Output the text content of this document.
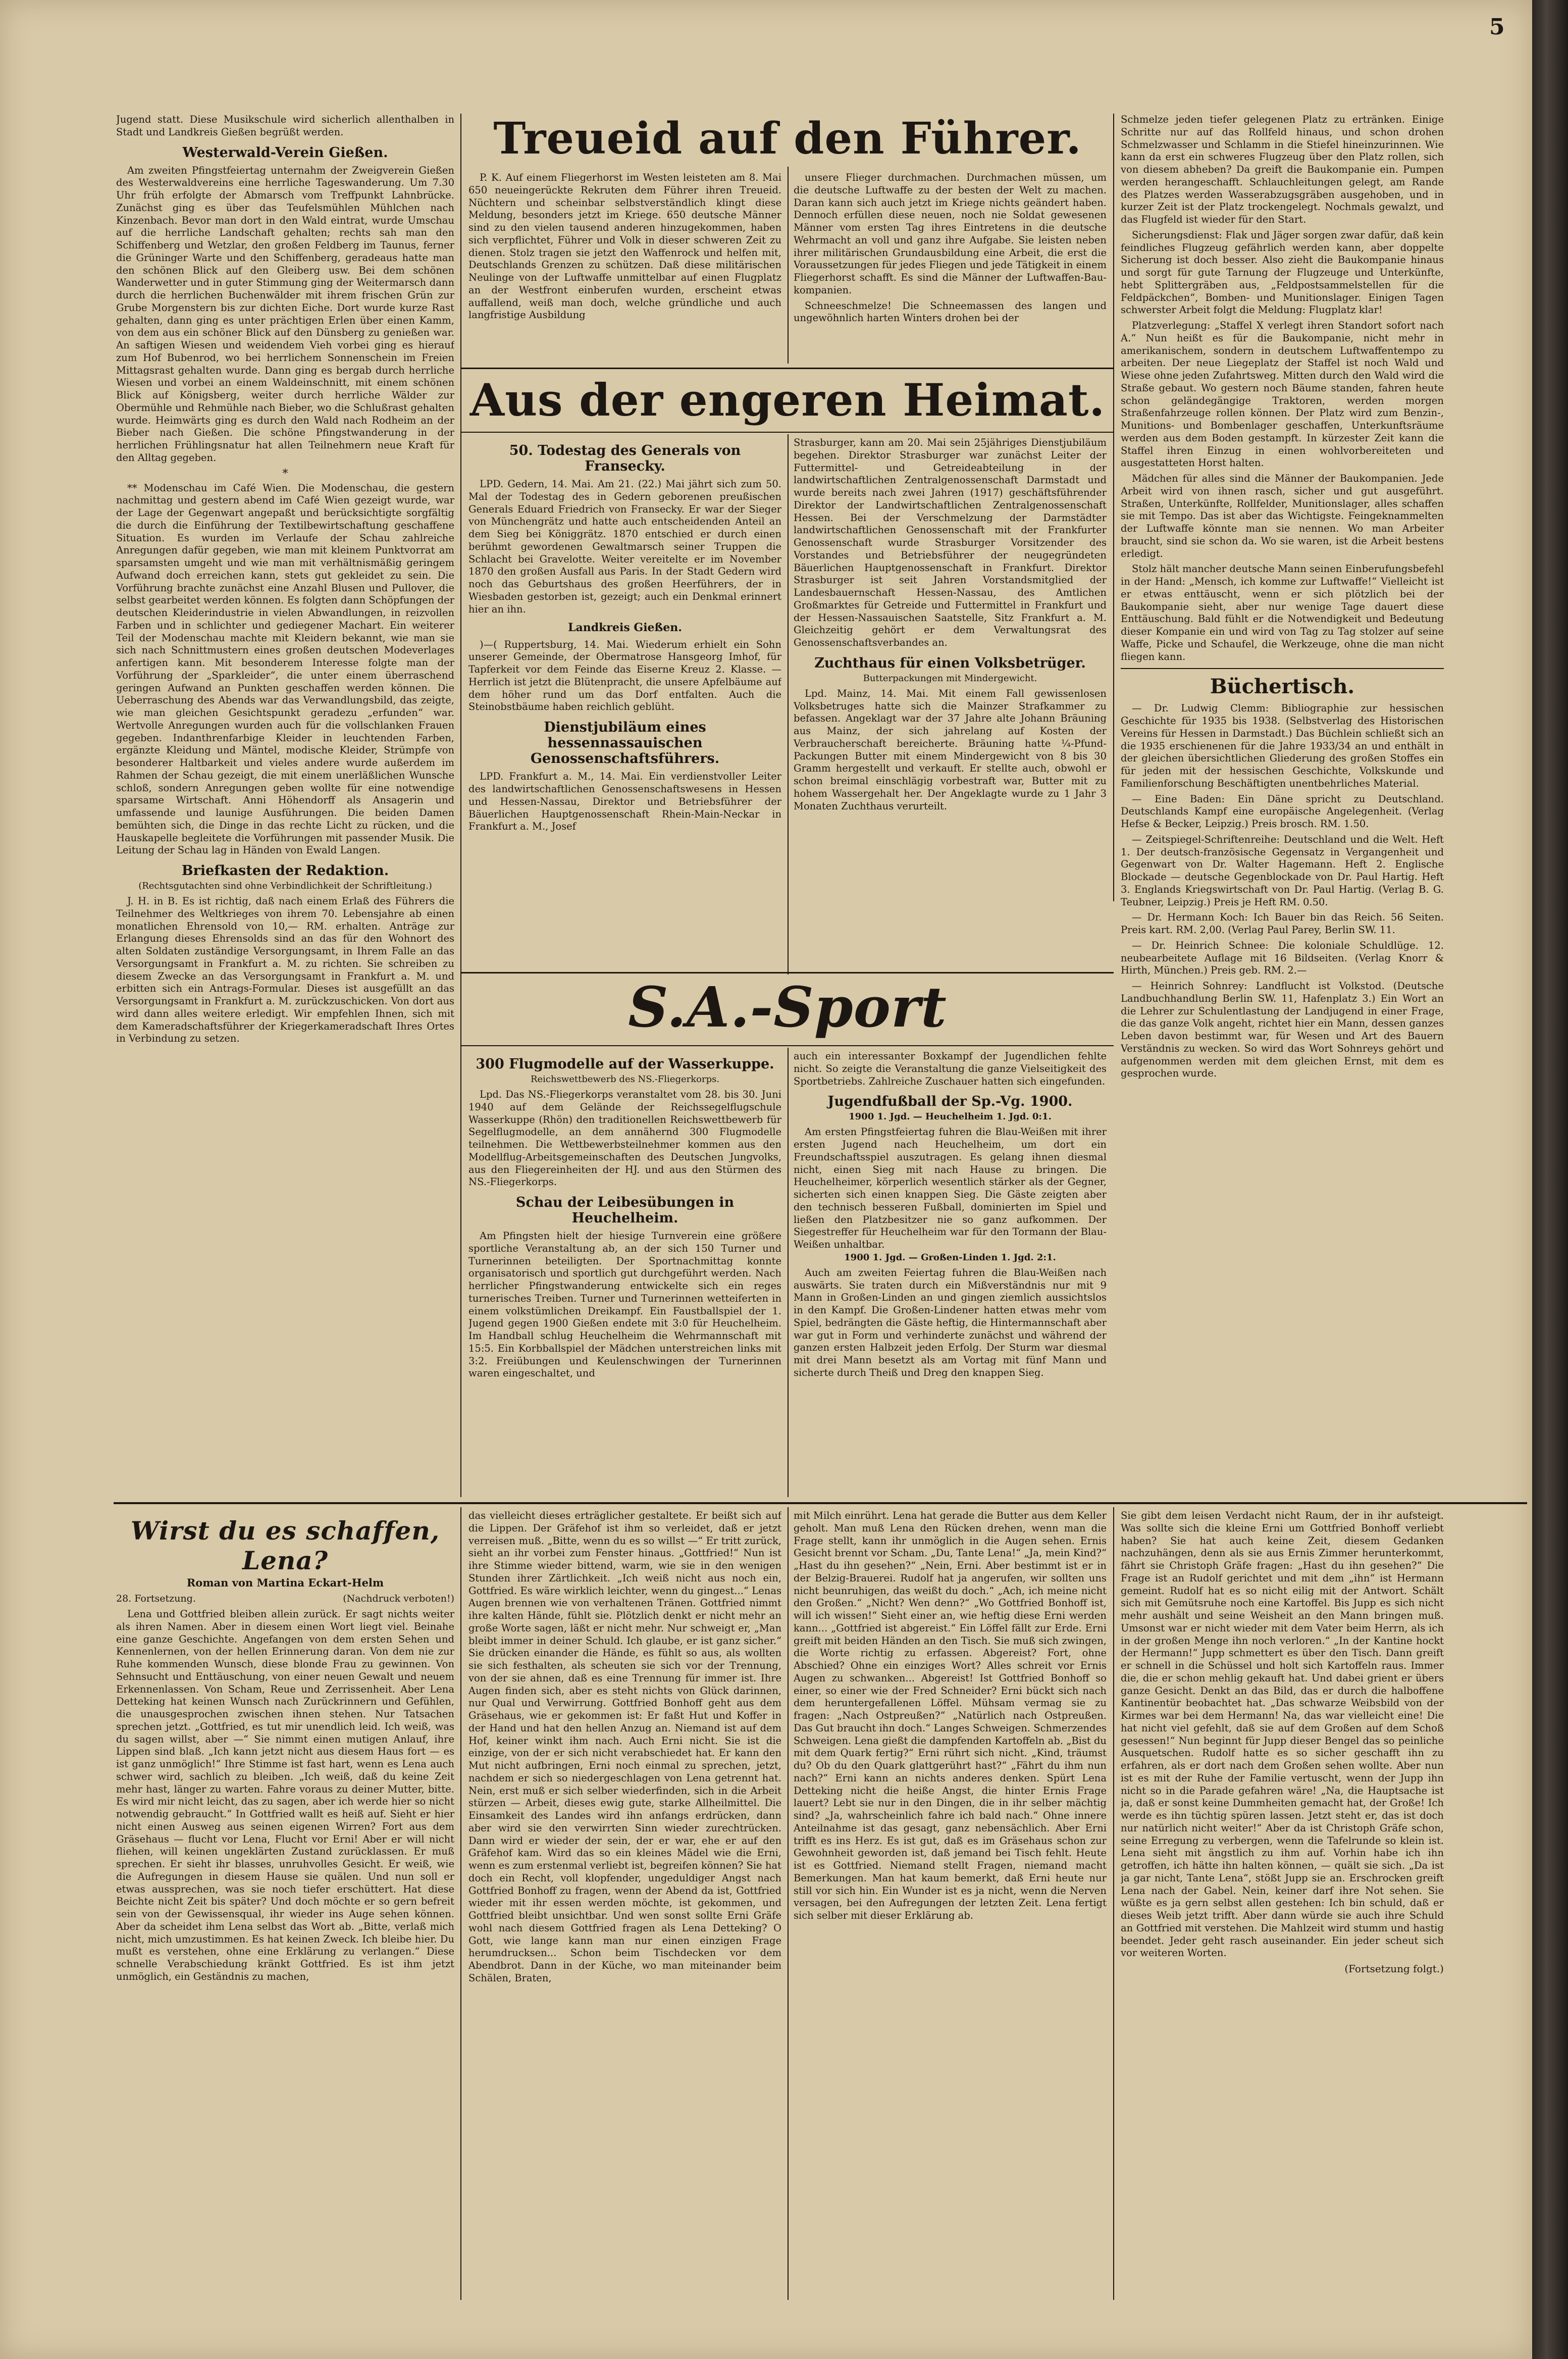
5

Jugend statt. Diese Musikschule wird sicherlich allenthalben in Stadt und Landkreis Gießen begrüßt werden.

Westerwald-Verein Gießen.

Am zweiten Pfingstfeiertag unternahm der Zweigverein Gießen des Westerwaldvereins eine herrliche Tageswanderung. Um 7.30 Uhr früh erfolgte der Abmarsch vom Treffpunkt Lahnbrücke. Zunächst ging es über das Teufelsmühlen Mühlchen nach Kinzenbach. Bevor man dort in den Wald eintrat, wurde Umschau auf die herrliche Landschaft gehalten; rechts sah man den Schiffenberg und Wetzlar, den großen Feldberg im Taunus, ferner die Grüninger Warte und den Schiffenberg, geradeaus hatte man den schönen Blick auf den Gleiberg usw. Bei dem schönen Wanderwetter und in guter Stimmung ging der Weitermarsch dann durch die herrlichen Buchenwälder mit ihrem frischen Grün zur Grube Morgenstern bis zur dichten Eiche. Dort wurde kurze Rast gehalten, dann ging es unter prächtigen Erlen über einen Kamm, von dem aus ein schöner Blick auf den Dünsberg zu genießen war. An saftigen Wiesen und weidendem Vieh vorbei ging es hierauf zum Hof Bubenrod, wo bei herrlichem Sonnenschein im Freien Mittagsrast gehalten wurde. Dann ging es bergab durch herrliche Wiesen und vorbei an einem Waldeinschnitt, mit einem schönen Blick auf Königsberg, weiter durch herrliche Wälder zur Obermühle und Rehmühle nach Bieber, wo die Schlußrast gehalten wurde. Heimwärts ging es durch den Wald nach Rodheim an der Bieber nach Gießen. Die schöne Pfingstwanderung in der herrlichen Frühlingsnatur hat allen Teilnehmern neue Kraft für den Alltag gegeben.

*

** Modenschau im Café Wien. Die Modenschau, die gestern nachmittag und gestern abend im Café Wien gezeigt wurde, war der Lage der Gegenwart angepaßt und berücksichtigte sorgfältig die durch die Einführung der Textilbewirtschaftung geschaffene Situation. Es wurden im Verlaufe der Schau zahlreiche Anregungen dafür gegeben, wie man mit kleinem Punktvorrat am sparsamsten umgeht und wie man mit verhältnismäßig geringem Aufwand doch erreichen kann, stets gut gekleidet zu sein. Die Vorführung brachte zunächst eine Anzahl Blusen und Pullover, die selbst gearbeitet werden können. Es folgten dann Schöpfungen der deutschen Kleiderindustrie in vielen Abwandlungen, in reizvollen Farben und in schlichter und gediegener Machart. Ein weiterer Teil der Modenschau machte mit Kleidern bekannt, wie man sie sich nach Schnittmustern eines großen deutschen Modeverlages anfertigen kann. Mit besonderem Interesse folgte man der Vorführung der „Sparkleider“, die unter einem überraschend geringen Aufwand an Punkten geschaffen werden können. Die Ueberraschung des Abends war das Verwandlungsbild, das zeigte, wie man gleichen Gesichtspunkt geradezu „erfunden“ war. Wertvolle Anregungen wurden auch für die vollschlanken Frauen gegeben. Indanthrenfarbige Kleider in leuchtenden Farben, ergänzte Kleidung und Mäntel, modische Kleider, Strümpfe von besonderer Haltbarkeit und vieles andere wurde außerdem im Rahmen der Schau gezeigt, die mit einem unerläßlichen Wunsche schloß, sondern Anregungen geben wollte für eine notwendige sparsame Wirtschaft. Anni Höhendorff als Ansagerin und umfassende und launige Ausführungen. Die beiden Damen bemühten sich, die Dinge in das rechte Licht zu rücken, und die Hauskapelle begleitete die Vorführungen mit passender Musik. Die Leitung der Schau lag in Händen von Ewald Langen.

Briefkasten der Redaktion.
(Rechtsgutachten sind ohne Verbindlichkeit der Schriftleitung.)

J. H. in B. Es ist richtig, daß nach einem Erlaß des Führers die Teilnehmer des Weltkrieges von ihrem 70. Lebensjahre ab einen monatlichen Ehrensold von 10,— RM. erhalten. Anträge zur Erlangung dieses Ehrensolds sind an das für den Wohnort des alten Soldaten zuständige Versorgungsamt, in Ihrem Falle an das Versorgungsamt in Frankfurt a. M. zu richten. Sie schreiben zu diesem Zwecke an das Versorgungsamt in Frankfurt a. M. und erbitten sich ein Antrags-Formular. Dieses ist ausgefüllt an das Versorgungsamt in Frankfurt a. M. zurückzuschicken. Von dort aus wird dann alles weitere erledigt. Wir empfehlen Ihnen, sich mit dem Kameradschaftsführer der Kriegerkameradschaft Ihres Ortes in Verbindung zu setzen.

Treueid auf den Führer.

P. K. Auf einem Fliegerhorst im Westen leisteten am 8. Mai 650 neueingerückte Rekruten dem Führer ihren Treueid. Nüchtern und scheinbar selbstverständlich klingt diese Meldung, besonders jetzt im Kriege. 650 deutsche Männer sind zu den vielen tausend anderen hinzugekommen, haben sich verpflichtet, Führer und Volk in dieser schweren Zeit zu dienen. Stolz tragen sie jetzt den Waffenrock und helfen mit, Deutschlands Grenzen zu schützen. Daß diese militärischen Neulinge von der Luftwaffe unmittelbar auf einen Flugplatz an der Westfront einberufen wurden, erscheint etwas auffallend, weiß man doch, welche gründliche und auch langfristige Ausbildung

unsere Flieger durchmachen. Durchmachen müssen, um die deutsche Luftwaffe zu der besten der Welt zu machen. Daran kann sich auch jetzt im Kriege nichts geändert haben. Dennoch erfüllen diese neuen, noch nie Soldat gewesenen Männer vom ersten Tag ihres Eintretens in die deutsche Wehrmacht an voll und ganz ihre Aufgabe. Sie leisten neben ihrer militärischen Grundausbildung eine Arbeit, die erst die Voraussetzungen für jedes Fliegen und jede Tätigkeit in einem Fliegerhorst schafft. Es sind die Männer der Luftwaffen-Bau-kompanien.

Schneeschmelze! Die Schneemassen des langen und ungewöhnlich harten Winters drohen bei der

Aus der engeren Heimat.
50. Todestag des Generals von Fransecky.

LPD. Gedern, 14. Mai. Am 21. (22.) Mai jährt sich zum 50. Mal der Todestag des in Gedern geborenen preußischen Generals Eduard Friedrich von Fransecky. Er war der Sieger von Münchengrätz und hatte auch entscheidenden Anteil an dem Sieg bei Königgrätz. 1870 entschied er durch einen berühmt gewordenen Gewaltmarsch seiner Truppen die Schlacht bei Gravelotte. Weiter vereitelte er im November 1870 den großen Ausfall aus Paris. In der Stadt Gedern wird noch das Geburtshaus des großen Heerführers, der in Wiesbaden gestorben ist, gezeigt; auch ein Denkmal erinnert hier an ihn.

Landkreis Gießen.

)—( Ruppertsburg, 14. Mai. Wiederum erhielt ein Sohn unserer Gemeinde, der Obermatrose Hansgeorg Imhof, für Tapferkeit vor dem Feinde das Eiserne Kreuz 2. Klasse. — Herrlich ist jetzt die Blütenpracht, die unsere Apfelbäume auf dem höher rund um das Dorf entfalten. Auch die Steinobstbäume haben reichlich geblüht.

Dienstjubiläum eines hessennassauischen Genossenschaftsführers.

LPD. Frankfurt a. M., 14. Mai. Ein verdienstvoller Leiter des landwirtschaftlichen Genossenschaftswesens in Hessen und Hessen-Nassau, Direktor und Betriebsführer der Bäuerlichen Hauptgenossenschaft Rhein-Main-Neckar in Frankfurt a. M., Josef

Strasburger, kann am 20. Mai sein 25jähriges Dienstjubiläum begehen. Direktor Strasburger war zunächst Leiter der Futtermittel- und Getreideabteilung in der landwirtschaftlichen Zentralgenossenschaft Darmstadt und wurde bereits nach zwei Jahren (1917) geschäftsführender Direktor der Landwirtschaftlichen Zentralgenossenschaft Hessen. Bei der Verschmelzung der Darmstädter landwirtschaftlichen Genossenschaft mit der Frankfurter Genossenschaft wurde Strasburger Vorsitzender des Vorstandes und Betriebsführer der neugegründeten Bäuerlichen Hauptgenossenschaft in Frankfurt. Direktor Strasburger ist seit Jahren Vorstandsmitglied der Landesbauernschaft Hessen-Nassau, des Amtlichen Großmarktes für Getreide und Futtermittel in Frankfurt und der Hessen-Nassauischen Saatstelle, Sitz Frankfurt a. M. Gleichzeitig gehört er dem Verwaltungsrat des Genossenschaftsverbandes an.

Zuchthaus für einen Volksbetrüger.
Butterpackungen mit Mindergewicht.

Lpd. Mainz, 14. Mai. Mit einem Fall gewissenlosen Volksbetruges hatte sich die Mainzer Strafkammer zu befassen. Angeklagt war der 37 Jahre alte Johann Bräuning aus Mainz, der sich jahrelang auf Kosten der Verbraucherschaft bereicherte. Bräuning hatte ¼-Pfund-Packungen Butter mit einem Mindergewicht von 8 bis 30 Gramm hergestellt und verkauft. Er stellte auch, obwohl er schon breimal einschlägig vorbestraft war, Butter mit zu hohem Wassergehalt her. Der Angeklagte wurde zu 1 Jahr 3 Monaten Zuchthaus verurteilt.

S.A.-Sport
300 Flugmodelle auf der Wasserkuppe.
Reichswettbewerb des NS.-Fliegerkorps.

Lpd. Das NS.-Fliegerkorps veranstaltet vom 28. bis 30. Juni 1940 auf dem Gelände der Reichssegelflugschule Wasserkuppe (Rhön) den traditionellen Reichswettbewerb für Segelflugmodelle, an dem annähernd 300 Flugmodelle teilnehmen. Die Wettbewerbsteilnehmer kommen aus den Modellflug-Arbeitsgemeinschaften des Deutschen Jungvolks, aus den Fliegereinheiten der HJ. und aus den Stürmen des NS.-Fliegerkorps.

Schau der Leibesübungen in Heuchelheim.

Am Pfingsten hielt der hiesige Turnverein eine größere sportliche Veranstaltung ab, an der sich 150 Turner und Turnerinnen beteiligten. Der Sportnachmittag konnte organisatorisch und sportlich gut durchgeführt werden. Nach herrlicher Pfingstwanderung entwickelte sich ein reges turnerisches Treiben. Turner und Turnerinnen wetteiferten in einem volkstümlichen Dreikampf. Ein Faustballspiel der 1. Jugend gegen 1900 Gießen endete mit 3:0 für Heuchelheim. Im Handball schlug Heuchelheim die Wehrmannschaft mit 15:5. Ein Korbballspiel der Mädchen unterstreichen links mit 3:2. Freiübungen und Keulenschwingen der Turnerinnen waren eingeschaltet, und

auch ein interessanter Boxkampf der Jugendlichen fehlte nicht. So zeigte die Veranstaltung die ganze Vielseitigkeit des Sportbetriebs. Zahlreiche Zuschauer hatten sich eingefunden.

Jugendfußball der Sp.-Vg. 1900.
1900 1. Jgd. — Heuchelheim 1. Jgd. 0:1.

Am ersten Pfingstfeiertag fuhren die Blau-Weißen mit ihrer ersten Jugend nach Heuchelheim, um dort ein Freundschaftsspiel auszutragen. Es gelang ihnen diesmal nicht, einen Sieg mit nach Hause zu bringen. Die Heuchelheimer, körperlich wesentlich stärker als der Gegner, sicherten sich einen knappen Sieg. Die Gäste zeigten aber den technisch besseren Fußball, dominierten im Spiel und ließen den Platzbesitzer nie so ganz aufkommen. Der Siegestreffer für Heuchelheim war für den Tormann der Blau-Weißen unhaltbar.

1900 1. Jgd. — Großen-Linden 1. Jgd. 2:1.

Auch am zweiten Feiertag fuhren die Blau-Weißen nach auswärts. Sie traten durch ein Mißverständnis nur mit 9 Mann in Großen-Linden an und gingen ziemlich aussichtslos in den Kampf. Die Großen-Lindener hatten etwas mehr vom Spiel, bedrängten die Gäste heftig, die Hintermannschaft aber war gut in Form und verhinderte zunächst und während der ganzen ersten Halbzeit jeden Erfolg. Der Sturm war diesmal mit drei Mann besetzt als am Vortag mit fünf Mann und sicherte durch Theiß und Dreg den knappen Sieg.

Schmelze jeden tiefer gelegenen Platz zu ertränken. Einige Schritte nur auf das Rollfeld hinaus, und schon drohen Schmelzwasser und Schlamm in die Stiefel hineinzurinnen. Wie kann da erst ein schweres Flugzeug über den Platz rollen, sich von diesem abheben? Da greift die Baukompanie ein. Pumpen werden herangeschafft. Schlauchleitungen gelegt, am Rande des Platzes werden Wasserabzugsgräben ausgehoben, und in kurzer Zeit ist der Platz trockengelegt. Nochmals gewalzt, und das Flugfeld ist wieder für den Start.

Sicherungsdienst: Flak und Jäger sorgen zwar dafür, daß kein feindliches Flugzeug gefährlich werden kann, aber doppelte Sicherung ist doch besser. Also zieht die Baukompanie hinaus und sorgt für gute Tarnung der Flugzeuge und Unterkünfte, hebt Splittergräben aus, „Feldpostsammelstellen für die Feldpäckchen“, Bomben- und Munitionslager. Einigen Tagen schwerster Arbeit folgt die Meldung: Flugplatz klar!

Platzverlegung: „Staffel X verlegt ihren Standort sofort nach A.“ Nun heißt es für die Baukompanie, nicht mehr in amerikanischem, sondern in deutschem Luftwaffentempo zu arbeiten. Der neue Liegeplatz der Staffel ist noch Wald und Wiese ohne jeden Zufahrtsweg. Mitten durch den Wald wird die Straße gebaut. Wo gestern noch Bäume standen, fahren heute schon geländegängige Traktoren, werden morgen Straßenfahrzeuge rollen können. Der Platz wird zum Benzin-, Munitions- und Bombenlager geschaffen, Unterkunftsräume werden aus dem Boden gestampft. In kürzester Zeit kann die Staffel ihren Einzug in einen wohlvorbereiteten und ausgestatteten Horst halten.

Mädchen für alles sind die Männer der Baukompanien. Jede Arbeit wird von ihnen rasch, sicher und gut ausgeführt. Straßen, Unterkünfte, Rollfelder, Munitionslager, alles schaffen sie mit Tempo. Das ist aber das Wichtigste. Feingeknammelten der Luftwaffe könnte man sie nennen. Wo man Arbeiter braucht, sind sie schon da. Wo sie waren, ist die Arbeit bestens erledigt.

Stolz hält mancher deutsche Mann seinen Einberufungsbefehl in der Hand: „Mensch, ich komme zur Luftwaffe!“ Vielleicht ist er etwas enttäuscht, wenn er sich plötzlich bei der Baukompanie sieht, aber nur wenige Tage dauert diese Enttäuschung. Bald fühlt er die Notwendigkeit und Bedeutung dieser Kompanie ein und wird von Tag zu Tag stolzer auf seine Waffe, Picke und Schaufel, die Werkzeuge, ohne die man nicht fliegen kann.

Büchertisch.

— Dr. Ludwig Clemm: Bibliographie zur hessischen Geschichte für 1935 bis 1938. (Selbstverlag des Historischen Vereins für Hessen in Darmstadt.) Das Büchlein schließt sich an die 1935 erschienenen für die Jahre 1933/34 an und enthält in der gleichen übersichtlichen Gliederung des großen Stoffes ein für jeden mit der hessischen Geschichte, Volkskunde und Familienforschung Beschäftigten unentbehrliches Material.

— Eine Baden: Ein Däne spricht zu Deutschland. Deutschlands Kampf eine europäische Angelegenheit. (Verlag Hefse & Becker, Leipzig.) Preis brosch. RM. 1.50.

— Zeitspiegel-Schriftenreihe: Deutschland und die Welt. Heft 1. Der deutsch-französische Gegensatz in Vergangenheit und Gegenwart von Dr. Walter Hagemann. Heft 2. Englische Blockade — deutsche Gegenblockade von Dr. Paul Hartig. Heft 3. Englands Kriegswirtschaft von Dr. Paul Hartig. (Verlag B. G. Teubner, Leipzig.) Preis je Heft RM. 0.50.

— Dr. Hermann Koch: Ich Bauer bin das Reich. 56 Seiten. Preis kart. RM. 2,00. (Verlag Paul Parey, Berlin SW. 11.

— Dr. Heinrich Schnee: Die koloniale Schuldlüge. 12. neubearbeitete Auflage mit 16 Bildseiten. (Verlag Knorr & Hirth, München.) Preis geb. RM. 2.—

— Heinrich Sohnrey: Landflucht ist Volkstod. (Deutsche Landbuchhandlung Berlin SW. 11, Hafenplatz 3.) Ein Wort an die Lehrer zur Schulentlastung der Landjugend in einer Frage, die das ganze Volk angeht, richtet hier ein Mann, dessen ganzes Leben davon bestimmt war, für Wesen und Art des Bauern Verständnis zu wecken. So wird das Wort Sohnreys gehört und aufgenommen werden mit dem gleichen Ernst, mit dem es gesprochen wurde.

Wirst du es schaffen, Lena?
Roman von Martina Eckart-Helm
28. Fortsetzung.	(Nachdruck verboten!)

Lena und Gottfried bleiben allein zurück. Er sagt nichts weiter als ihren Namen. Aber in diesem einen Wort liegt viel. Beinahe eine ganze Geschichte. Angefangen von dem ersten Sehen und Kennenlernen, von der hellen Erinnerung daran. Von dem nie zur Ruhe kommenden Wunsch, diese blonde Frau zu gewinnen. Von Sehnsucht und Enttäuschung, von einer neuen Gewalt und neuem Erkennenlassen. Von Scham, Reue und Zerrissenheit. Aber Lena Detteking hat keinen Wunsch nach Zurückrinnern und Gefühlen, die unausgesprochen zwischen ihnen stehen. Nur Tatsachen sprechen jetzt. „Gottfried, es tut mir unendlich leid. Ich weiß, was du sagen willst, aber —“ Sie nimmt einen mutigen Anlauf, ihre Lippen sind blaß. „Ich kann jetzt nicht aus diesem Haus fort — es ist ganz unmöglich!“ Ihre Stimme ist fast hart, wenn es Lena auch schwer wird, sachlich zu bleiben. „Ich weiß, daß du keine Zeit mehr hast, länger zu warten. Fahre voraus zu deiner Mutter, bitte. Es wird mir nicht leicht, das zu sagen, aber ich werde hier so nicht notwendig gebraucht.“ In Gottfried wallt es heiß auf. Sieht er hier nicht einen Ausweg aus seinen eigenen Wirren? Fort aus dem Gräsehaus — flucht vor Lena, Flucht vor Erni! Aber er will nicht fliehen, will keinen ungeklärten Zustand zurücklassen. Er muß sprechen. Er sieht ihr blasses, unruhvolles Gesicht. Er weiß, wie die Aufregungen in diesem Hause sie quälen. Und nun soll er etwas aussprechen, was sie noch tiefer erschüttert. Hat diese Beichte nicht Zeit bis später? Und doch möchte er so gern befreit sein von der Gewissensqual, ihr wieder ins Auge sehen können. Aber da scheidet ihm Lena selbst das Wort ab. „Bitte, verlaß mich nicht, mich umzustimmen. Es hat keinen Zweck. Ich bleibe hier. Du mußt es verstehen, ohne eine Erklärung zu verlangen.“ Diese schnelle Verabschiedung kränkt Gottfried. Es ist ihm jetzt unmöglich, ein Geständnis zu machen,

das vielleicht dieses erträglicher gestaltete. Er beißt sich auf die Lippen. Der Gräfehof ist ihm so verleidet, daß er jetzt verreisen muß. „Bitte, wenn du es so willst —“ Er tritt zurück, sieht an ihr vorbei zum Fenster hinaus. „Gottfried!“ Nun ist ihre Stimme wieder bittend, warm, wie sie in den wenigen Stunden ihrer Zärtlichkeit. „Ich weiß nicht aus noch ein, Gottfried. Es wäre wirklich leichter, wenn du gingest...“ Lenas Augen brennen wie von verhaltenen Tränen. Gottfried nimmt ihre kalten Hände, fühlt sie. Plötzlich denkt er nicht mehr an große Worte sagen, läßt er nicht mehr. Nur schweigt er, „Man bleibt immer in deiner Schuld. Ich glaube, er ist ganz sicher.“ Sie drücken einander die Hände, es fühlt so aus, als wollten sie sich festhalten, als scheuten sie sich vor der Trennung, von der sie ahnen, daß es eine Trennung für immer ist. Ihre Augen finden sich, aber es steht nichts von Glück darinnen, nur Qual und Verwirrung. Gottfried Bonhoff geht aus dem Gräsehaus, wie er gekommen ist: Er faßt Hut und Koffer in der Hand und hat den hellen Anzug an. Niemand ist auf dem Hof, keiner winkt ihm nach. Auch Erni nicht. Sie ist die einzige, von der er sich nicht verabschiedet hat. Er kann den Mut nicht aufbringen, Erni noch einmal zu sprechen, jetzt, nachdem er sich so niedergeschlagen von Lena getrennt hat. Nein, erst muß er sich selber wiederfinden, sich in die Arbeit stürzen — Arbeit, dieses ewig gute, starke Allheilmittel. Die Einsamkeit des Landes wird ihn anfangs erdrücken, dann aber wird sie den verwirrten Sinn wieder zurechtrücken. Dann wird er wieder der sein, der er war, ehe er auf den Gräfehof kam. Wird das so ein kleines Mädel wie die Erni, wenn es zum erstenmal verliebt ist, begreifen können? Sie hat doch ein Recht, voll klopfender, ungeduldiger Angst nach Gottfried Bonhoff zu fragen, wenn der Abend da ist, Gottfried wieder mit ihr essen werden möchte, ist gekommen, und Gottfried bleibt unsichtbar. Und wen sonst sollte Erni Gräfe wohl nach diesem Gottfried fragen als Lena Detteking? O Gott, wie lange kann man nur einen einzigen Frage herumdrucksen... Schon beim Tischdecken vor dem Abendbrot. Dann in der Küche, wo man miteinander beim Schälen, Braten,

mit Milch einrührt. Lena hat gerade die Butter aus dem Keller geholt. Man muß Lena den Rücken drehen, wenn man die Frage stellt, kann ihr unmöglich in die Augen sehen. Ernis Gesicht brennt vor Scham. „Du, Tante Lena!“ „Ja, mein Kind?“ „Hast du ihn gesehen?“ „Nein, Erni. Aber bestimmt ist er in der Belzig-Brauerei. Rudolf hat ja angerufen, wir sollten uns nicht beunruhigen, das weißt du doch.“ „Ach, ich meine nicht den Großen.“ „Nicht? Wen denn?“ „Wo Gottfried Bonhoff ist, will ich wissen!“ Sieht einer an, wie heftig diese Erni werden kann... „Gottfried ist abgereist.“ Ein Löffel fällt zur Erde. Erni greift mit beiden Händen an den Tisch. Sie muß sich zwingen, die Worte richtig zu erfassen. Abgereist? Fort, ohne Abschied? Ohne ein einziges Wort? Alles schreit vor Ernis Augen zu schwanken... Abgereist! Ist Gottfried Bonhoff so einer, so einer wie der Fred Schneider? Erni bückt sich nach dem heruntergefallenen Löffel. Mühsam vermag sie zu fragen: „Nach Ostpreußen?“ „Natürlich nach Ostpreußen. Das Gut braucht ihn doch.“ Langes Schweigen. Schmerzendes Schweigen. Lena gießt die dampfenden Kartoffeln ab. „Bist du mit dem Quark fertig?“ Erni rührt sich nicht. „Kind, träumst du? Ob du den Quark glattgerührt hast?“ „Fährt du ihm nun nach?“ Erni kann an nichts anderes denken. Spürt Lena Detteking nicht die heiße Angst, die hinter Ernis Frage lauert? Lebt sie nur in den Dingen, die in ihr selber mächtig sind? „Ja, wahrscheinlich fahre ich bald nach.“ Ohne innere Anteilnahme ist das gesagt, ganz nebensächlich. Aber Erni trifft es ins Herz. Es ist gut, daß es im Gräsehaus schon zur Gewohnheit geworden ist, daß jemand bei Tisch fehlt. Heute ist es Gottfried. Niemand stellt Fragen, niemand macht Bemerkungen. Man hat kaum bemerkt, daß Erni heute nur still vor sich hin. Ein Wunder ist es ja nicht, wenn die Nerven versagen, bei den Aufregungen der letzten Zeit. Lena fertigt sich selber mit dieser Erklärung ab.

Sie gibt dem leisen Verdacht nicht Raum, der in ihr aufsteigt. Was sollte sich die kleine Erni um Gottfried Bonhoff verliebt haben? Sie hat auch keine Zeit, diesem Gedanken nachzuhängen, denn als sie aus Ernis Zimmer herunterkommt, fährt sie Christoph Gräfe fragen: „Hast du ihn gesehen?“ Die Frage ist an Rudolf gerichtet und mit dem „ihn“ ist Hermann gemeint. Rudolf hat es so nicht eilig mit der Antwort. Schält sich mit Gemütsruhe noch eine Kartoffel. Bis Jupp es sich nicht mehr aushält und seine Weisheit an den Mann bringen muß. Umsonst war er nicht wieder mit dem Vater beim Herrn, als ich in der großen Menge ihn noch verloren.“ „In der Kantine hockt der Hermann!“ Jupp schmettert es über den Tisch. Dann greift er schnell in die Schüssel und holt sich Kartoffeln raus. Immer die, die er schon mehlig gekauft hat. Und dabei grient er übers ganze Gesicht. Denkt an das Bild, das er durch die halboffene Kantinentür beobachtet hat. „Das schwarze Weibsbild von der Kirmes war bei dem Hermann! Na, das war vielleicht eine! Die hat nicht viel gefehlt, daß sie auf dem Großen auf dem Schoß gesessen!“ Nun beginnt für Jupp dieser Bengel das so peinliche Ausquetschen. Rudolf hatte es so sicher geschafft ihn zu erfahren, als er dort nach dem Großen sehen wollte. Aber nun ist es mit der Ruhe der Familie vertuscht, wenn der Jupp ihn nicht so in die Parade gefahren wäre! „Na, die Hauptsache ist ja, daß er sonst keine Dummheiten gemacht hat, der Große! Ich werde es ihn tüchtig spüren lassen. Jetzt steht er, das ist doch nur natürlich nicht weiter!“ Aber da ist Christoph Gräfe schon, seine Erregung zu verbergen, wenn die Tafelrunde so klein ist. Lena sieht mit ängstlich zu ihm auf. Vorhin habe ich ihn getroffen, ich hätte ihn halten können, — quält sie sich. „Da ist ja gar nicht, Tante Lena“, stößt Jupp sie an. Erschrocken greift Lena nach der Gabel. Nein, keiner darf ihre Not sehen. Sie wüßte es ja gern selbst allen gestehen: Ich bin schuld, daß er dieses Weib jetzt trifft. Aber dann würde sie auch ihre Schuld an Gottfried mit verstehen. Die Mahlzeit wird stumm und hastig beendet. Jeder geht rasch auseinander. Ein jeder scheut sich vor weiteren Worten.

(Fortsetzung folgt.)
